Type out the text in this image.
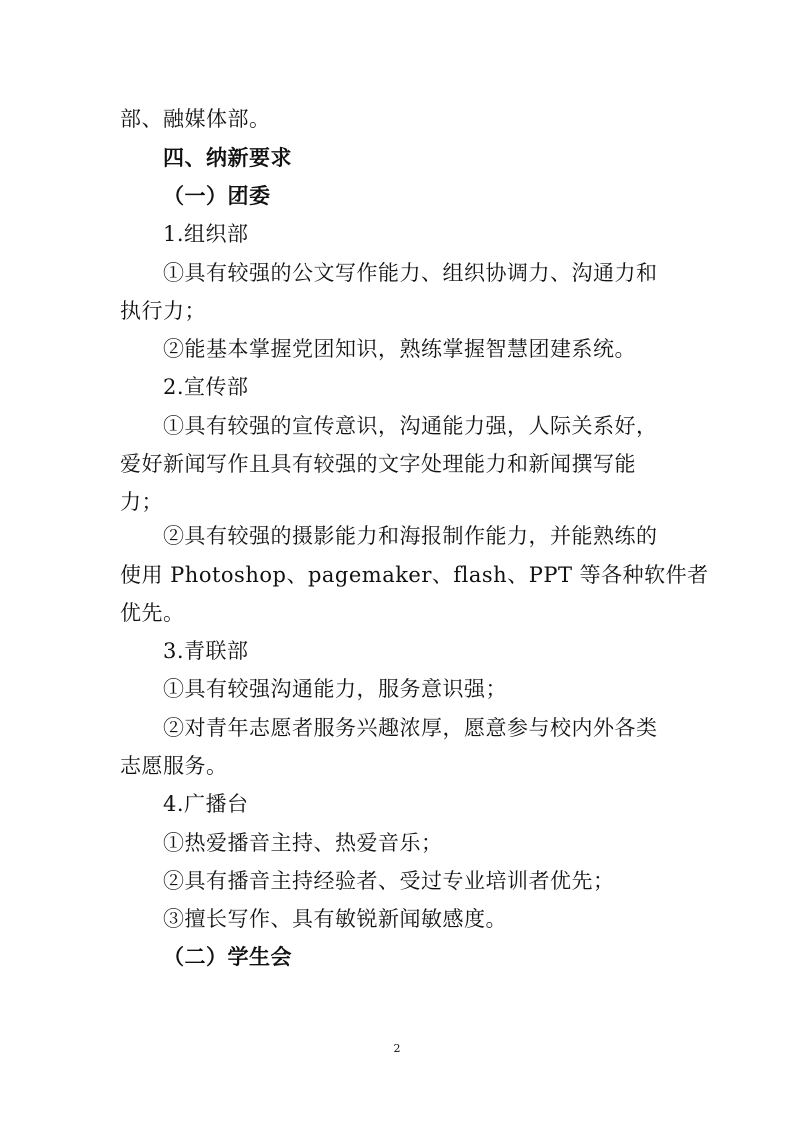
部、融媒体部。
四、纳新要求
（一）团委
1.组织部
①具有较强的公文写作能力、组织协调力、沟通力和
执行力；
②能基本掌握党团知识，熟练掌握智慧团建系统。
2.宣传部
①具有较强的宣传意识，沟通能力强，人际关系好，
爱好新闻写作且具有较强的文字处理能力和新闻撰写能
力；
②具有较强的摄影能力和海报制作能力，并能熟练的
使用 Photoshop、pagemaker、flash、PPT 等各种软件者
优先。
3.青联部
①具有较强沟通能力，服务意识强；
②对青年志愿者服务兴趣浓厚，愿意参与校内外各类
志愿服务。
4.广播台
①热爱播音主持、热爱音乐；
②具有播音主持经验者、受过专业培训者优先；
③擅长写作、具有敏锐新闻敏感度。
（二）学生会
2
